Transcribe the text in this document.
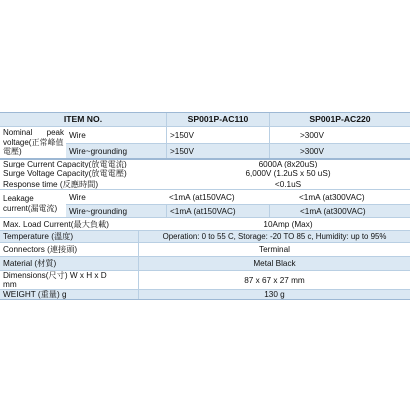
ITEM NO.	SP001P-AC110	SP001P-AC220
Nominal peak
voltage(正常峰值
電壓)
Wire	>150V	>300V
Wire~grounding	>150V	>300V
Surge Current Capacity(放電電流)	6000A (8x20uS)
Surge Voltage Capacity(放電電壓)	6,000V (1.2uS x 50 uS)
Response time (反應時間)	<0.1uS
Leakage
current(漏電流)
Wire	<1mA (at150VAC)	<1mA (at300VAC)
Wire~grounding	<1mA (at150VAC)	<1mA (at300VAC)
Max. Load Current(最大負載)	10Amp (Max)
Temperature (溫度)	Operation: 0 to 55 C, Storage: -20 TO 85 c, Humidity: up to 95%
Connectors (連接頭)	Terminal
Material (材質)	Metal Black
Dimensions(尺寸) W x H x D
mm	87 x 67 x 27 mm
WEIGHT (重量) g	130 g
